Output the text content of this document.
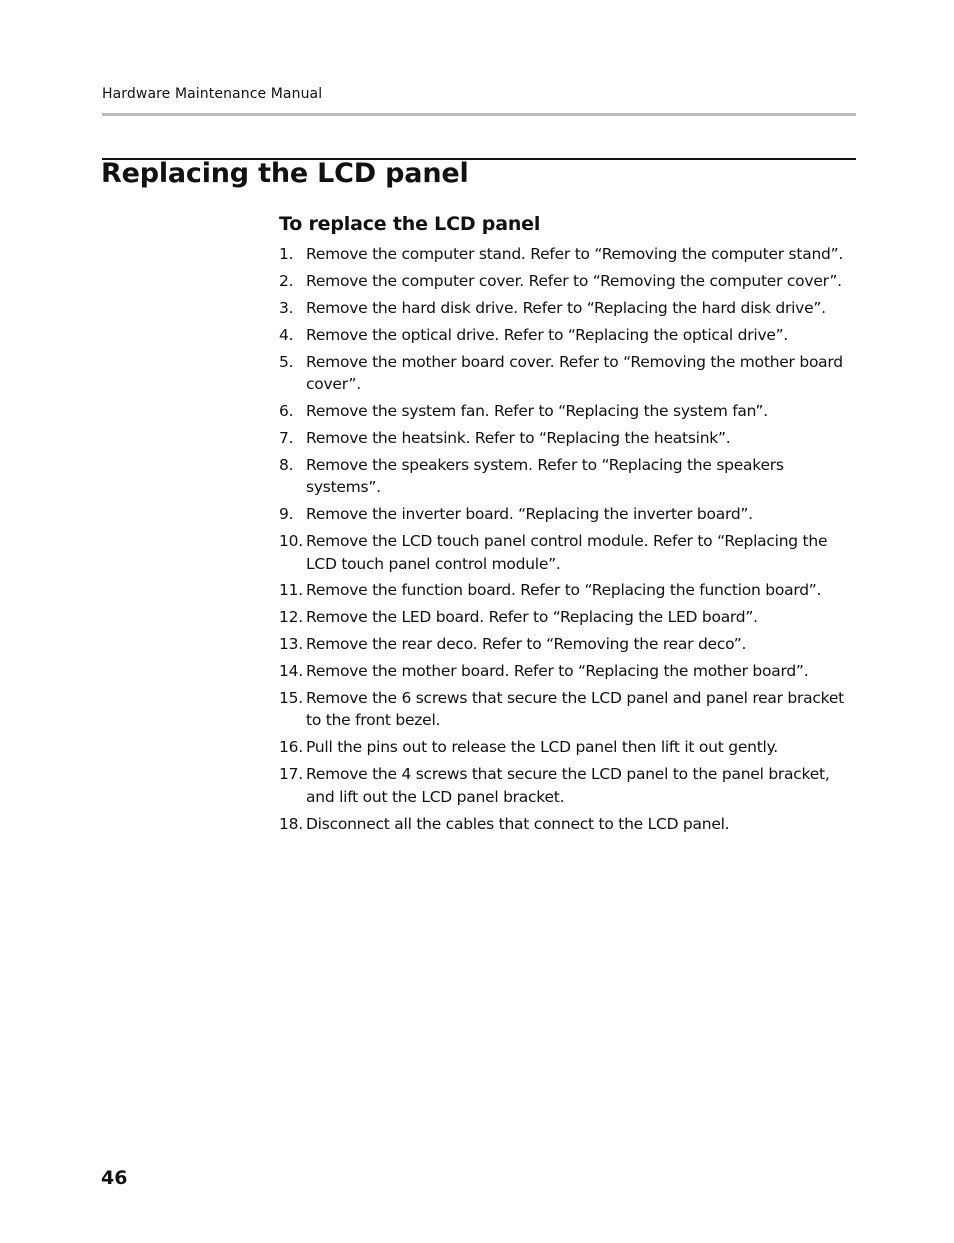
Hardware Maintenance Manual
Replacing the LCD panel
To replace the LCD panel
1. Remove the computer stand. Refer to “Removing the computer stand”.
2. Remove the computer cover. Refer to “Removing the computer cover”.
3. Remove the hard disk drive. Refer to “Replacing the hard disk drive”.
4. Remove the optical drive. Refer to “Replacing the optical drive”.
5. Remove the mother board cover. Refer to “Removing the mother board cover”.
6. Remove the system fan. Refer to “Replacing the system fan”.
7. Remove the heatsink. Refer to “Replacing the heatsink”.
8. Remove the speakers system. Refer to “Replacing the speakers systems”.
9. Remove the inverter board. “Replacing the inverter board”.
10. Remove the LCD touch panel control module. Refer to “Replacing the LCD touch panel control module”.
11. Remove the function board. Refer to “Replacing the function board”.
12. Remove the LED board. Refer to “Replacing the LED board”.
13. Remove the rear deco. Refer to “Removing the rear deco”.
14. Remove the mother board. Refer to “Replacing the mother board”.
15. Remove the 6 screws that secure the LCD panel and panel rear bracket to the front bezel.
16. Pull the pins out to release the LCD panel then lift it out gently.
17. Remove the 4 screws that secure the LCD panel to the panel bracket, and lift out the LCD panel bracket.
18. Disconnect all the cables that connect to the LCD panel.
46
